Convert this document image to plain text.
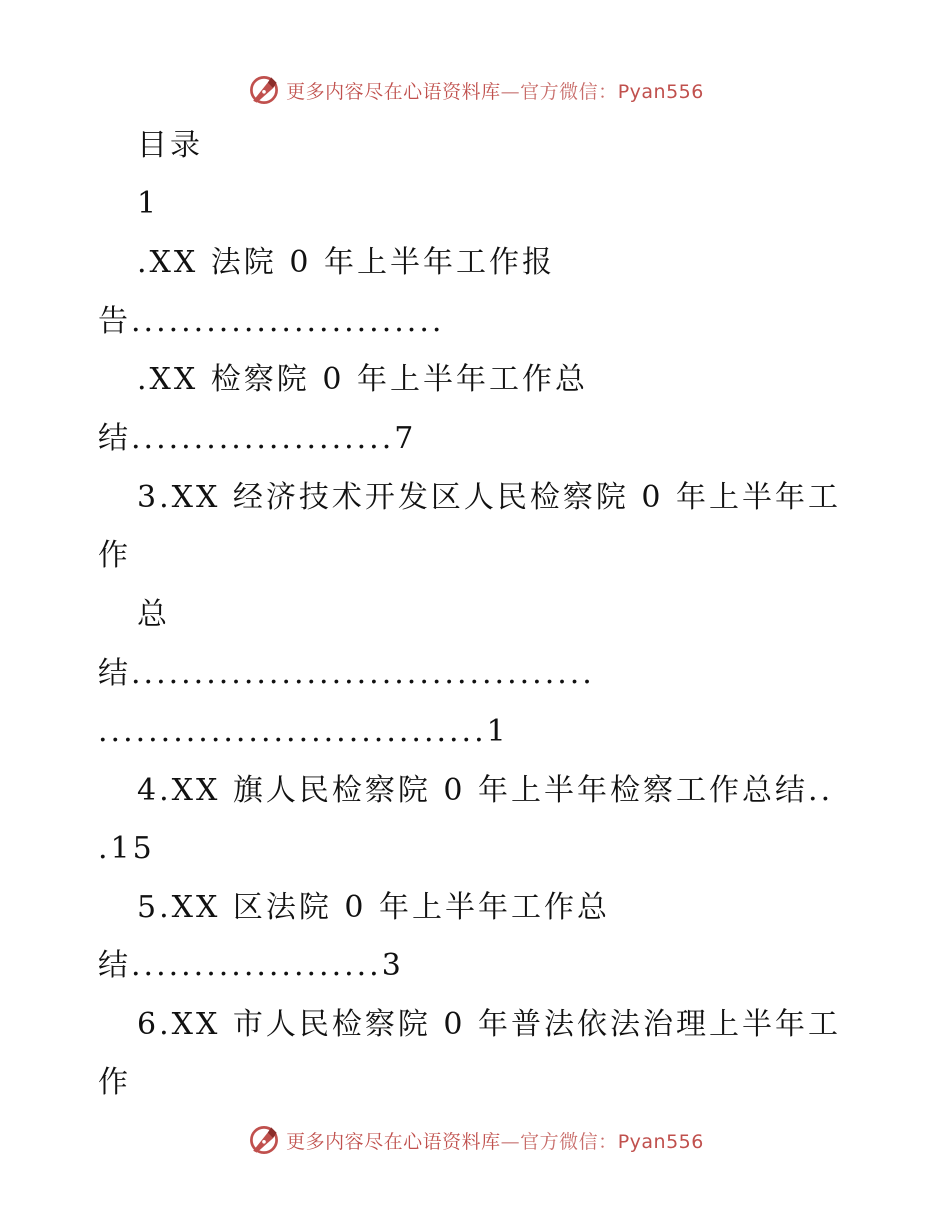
更多内容尽在心语资料库—官方微信：Pyan556
目录
1
.XX 法院 0 年上半年工作报
告.........................
.XX 检察院 0 年上半年工作总
结.....................7
3.XX 经济技术开发区人民检察院 0 年上半年工
作
总
结.....................................
...............................1
4.XX 旗人民检察院 0 年上半年检察工作总结..
.15
5.XX 区法院 0 年上半年工作总
结....................3
6.XX 市人民检察院 0 年普法依法治理上半年工
作
更多内容尽在心语资料库—官方微信：Pyan556
